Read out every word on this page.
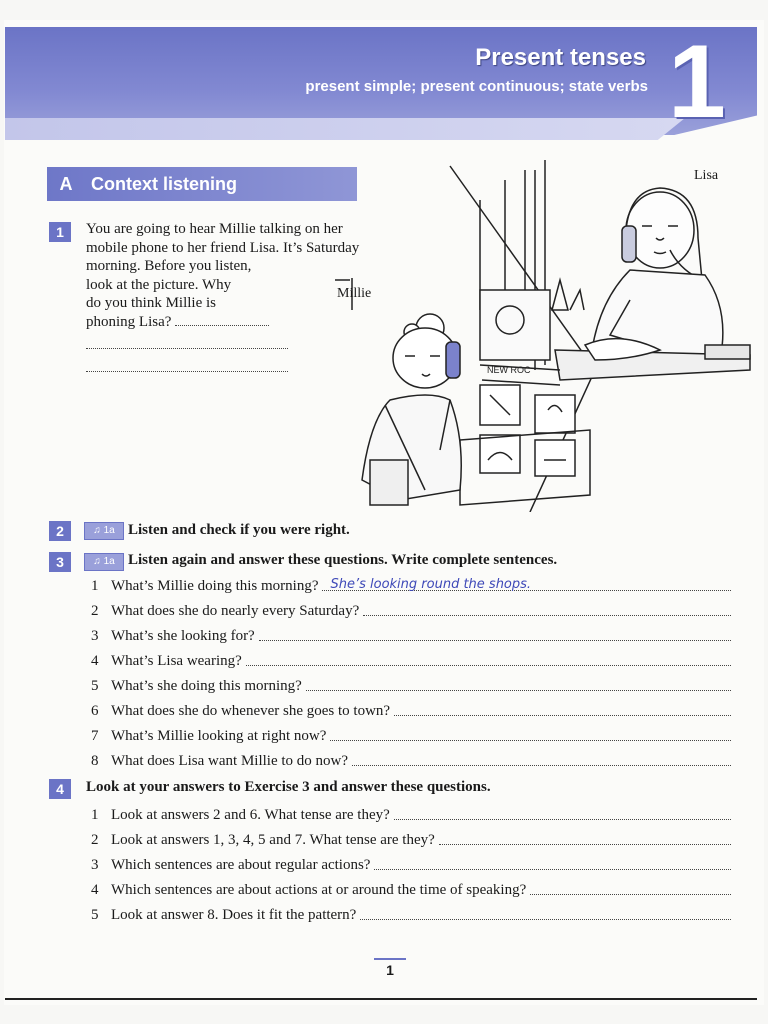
Present tenses
present simple; present continuous; state verbs 1
A	Context listening
1	You are going to hear Millie talking on her
mobile phone to her friend Lisa. It’s Saturday
morning. Before you listen,
look at the picture. Why
do you think Millie is
phoning Lisa?
NEW ROC
Lisa
Millie
2	♫ 1a Listen and check if you were right.
3	♫ 1a Listen again and answer these questions. Write complete sentences.
1 What’s Millie doing this morning? She’s looking round the shops.
2 What does she do nearly every Saturday?
3 What’s she looking for?
4 What’s Lisa wearing?
5 What’s she doing this morning?
6 What does she do whenever she goes to town?
7 What’s Millie looking at right now?
8 What does Lisa want Millie to do now?
4	Look at your answers to Exercise 3 and answer these questions.
1 Look at answers 2 and 6. What tense are they?
2 Look at answers 1, 3, 4, 5 and 7. What tense are they?
3 Which sentences are about regular actions?
4 Which sentences are about actions at or around the time of speaking?
5 Look at answer 8. Does it fit the pattern?
1
